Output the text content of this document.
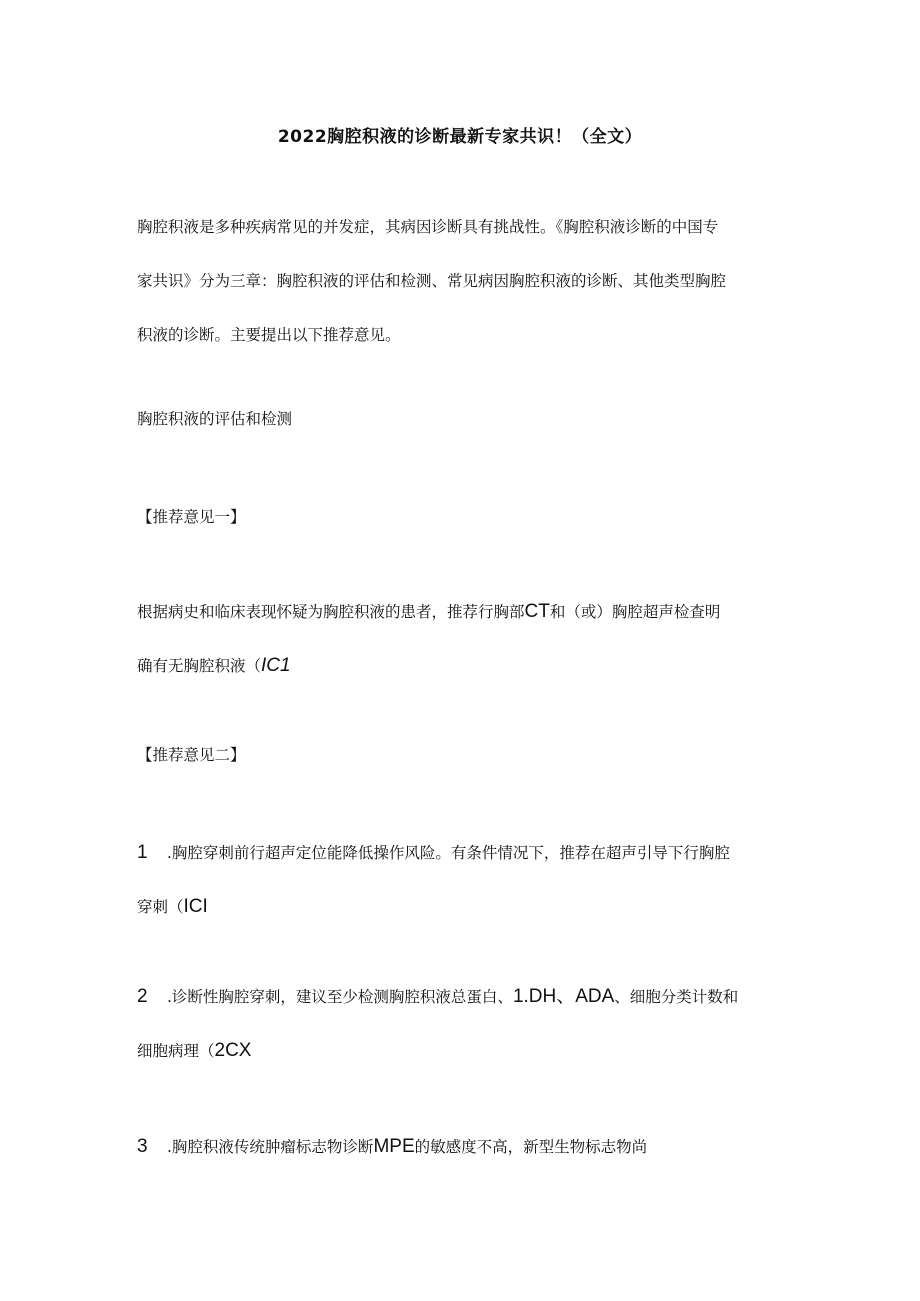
2022胸腔积液的诊断最新专家共识！（全文）

胸腔积液是多种疾病常见的并发症，其病因诊断具有挑战性。《胸腔积液诊断的中国专
家共识》分为三章：胸腔积液的评估和检测、常见病因胸腔积液的诊断、其他类型胸腔
积液的诊断。主要提出以下推荐意见。

胸腔积液的评估和检测

【推荐意见一】

根据病史和临床表现怀疑为胸腔积液的患者，推荐行胸部CT和（或）胸腔超声检查明
确有无胸腔积液（IC1

【推荐意见二】

1 .胸腔穿刺前行超声定位能降低操作风险。有条件情况下，推荐在超声引导下行胸腔
穿刺（ICI

2 .诊断性胸腔穿刺，建议至少检测胸腔积液总蛋白、1.DH、ADA、细胞分类计数和
细胞病理（2CX

3 .胸腔积液传统肿瘤标志物诊断MPE的敏感度不高，新型生物标志物尚
